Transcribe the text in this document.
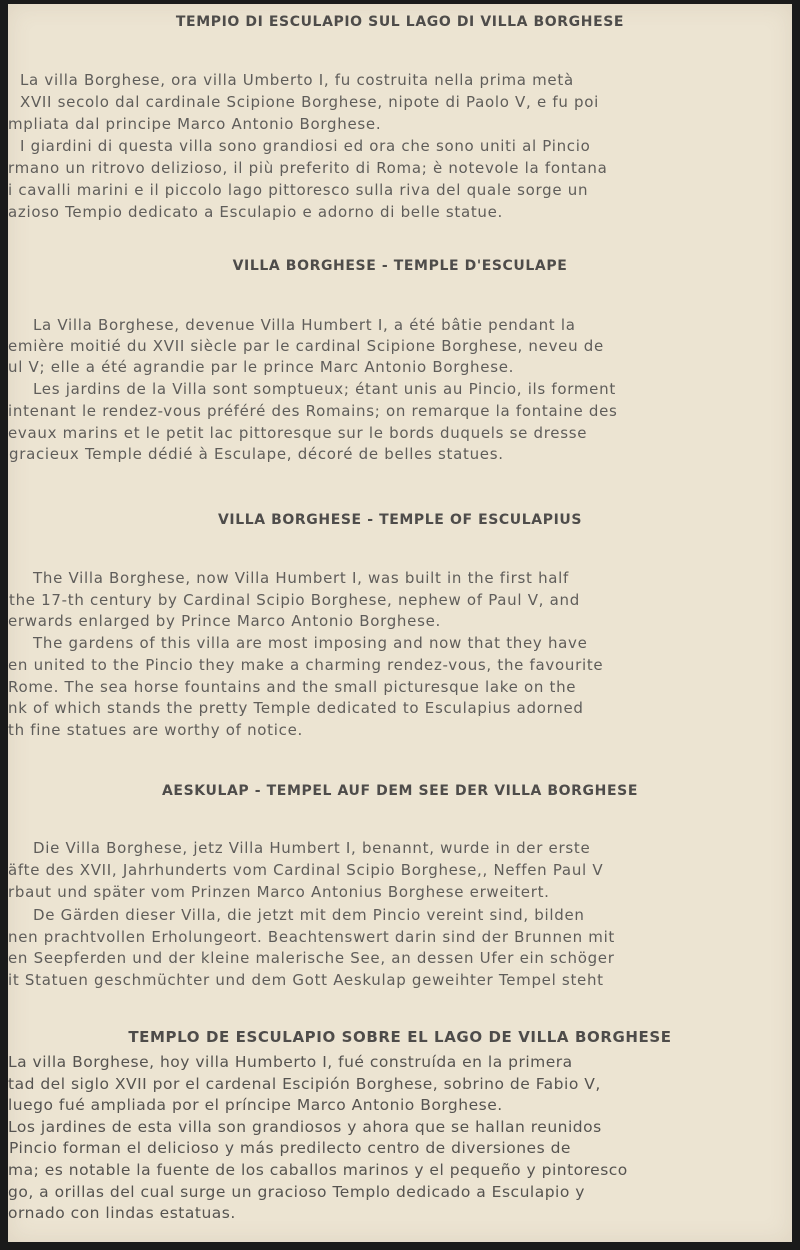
TEMPIO DI ESCULAPIO SUL LAGO DI VILLA BORGHESE
La villa Borghese, ora villa Umberto I, fu costruita nella prima metà
XVII secolo dal cardinale Scipione Borghese, nipote di Paolo V, e fu poi
mpliata dal principe Marco Antonio Borghese.
I giardini di questa villa sono grandiosi ed ora che sono uniti al Pincio
rmano un ritrovo delizioso, il più preferito di Roma; è notevole la fontana
i cavalli marini e il piccolo lago pittoresco sulla riva del quale sorge un
azioso Tempio dedicato a Esculapio e adorno di belle statue.
VILLA BORGHESE - TEMPLE D'ESCULAPE
La Villa Borghese, devenue Villa Humbert I, a été bâtie pendant la
emière moitié du XVII siècle par le cardinal Scipione Borghese, neveu de
ul V; elle a été agrandie par le prince Marc Antonio Borghese.
Les jardins de la Villa sont somptueux; étant unis au Pincio, ils forment
intenant le rendez-vous préféré des Romains; on remarque la fontaine des
evaux marins et le petit lac pittoresque sur le bords duquels se dresse
gracieux Temple dédié à Esculape, décoré de belles statues.
VILLA BORGHESE - TEMPLE OF ESCULAPIUS
The Villa Borghese, now Villa Humbert I, was built in the first half
the 17-th century by Cardinal Scipio Borghese, nephew of Paul V, and
erwards enlarged by Prince Marco Antonio Borghese.
The gardens of this villa are most imposing and now that they have
en united to the Pincio they make a charming rendez-vous, the favourite
Rome. The sea horse fountains and the small picturesque lake on the
nk of which stands the pretty Temple dedicated to Esculapius adorned
th fine statues are worthy of notice.
AESKULAP - TEMPEL AUF DEM SEE DER VILLA BORGHESE
Die Villa Borghese, jetz Villa Humbert I, benannt, wurde in der erste
äfte des XVII, Jahrhunderts vom Cardinal Scipio Borghese,, Neffen Paul V
rbaut und später vom Prinzen Marco Antonius Borghese erweitert.
De Gärden dieser Villa, die jetzt mit dem Pincio vereint sind, bilden
nen prachtvollen Erholungeort. Beachtenswert darin sind der Brunnen mit
en Seepferden und der kleine malerische See, an dessen Ufer ein schöger
it Statuen geschmüchter und dem Gott Aeskulap geweihter Tempel steht
TEMPLO DE ESCULAPIO SOBRE EL LAGO DE VILLA BORGHESE
La villa Borghese, hoy villa Humberto I, fué construída en la primera
tad del siglo XVII por el cardenal Escipión Borghese, sobrino de Fabio V,
luego fué ampliada por el príncipe Marco Antonio Borghese.
Los jardines de esta villa son grandiosos y ahora que se hallan reunidos
Pincio forman el delicioso y más predilecto centro de diversiones de
ma; es notable la fuente de los caballos marinos y el pequeño y pintoresco
go, a orillas del cual surge un gracioso Templo dedicado a Esculapio y
ornado con lindas estatuas.
